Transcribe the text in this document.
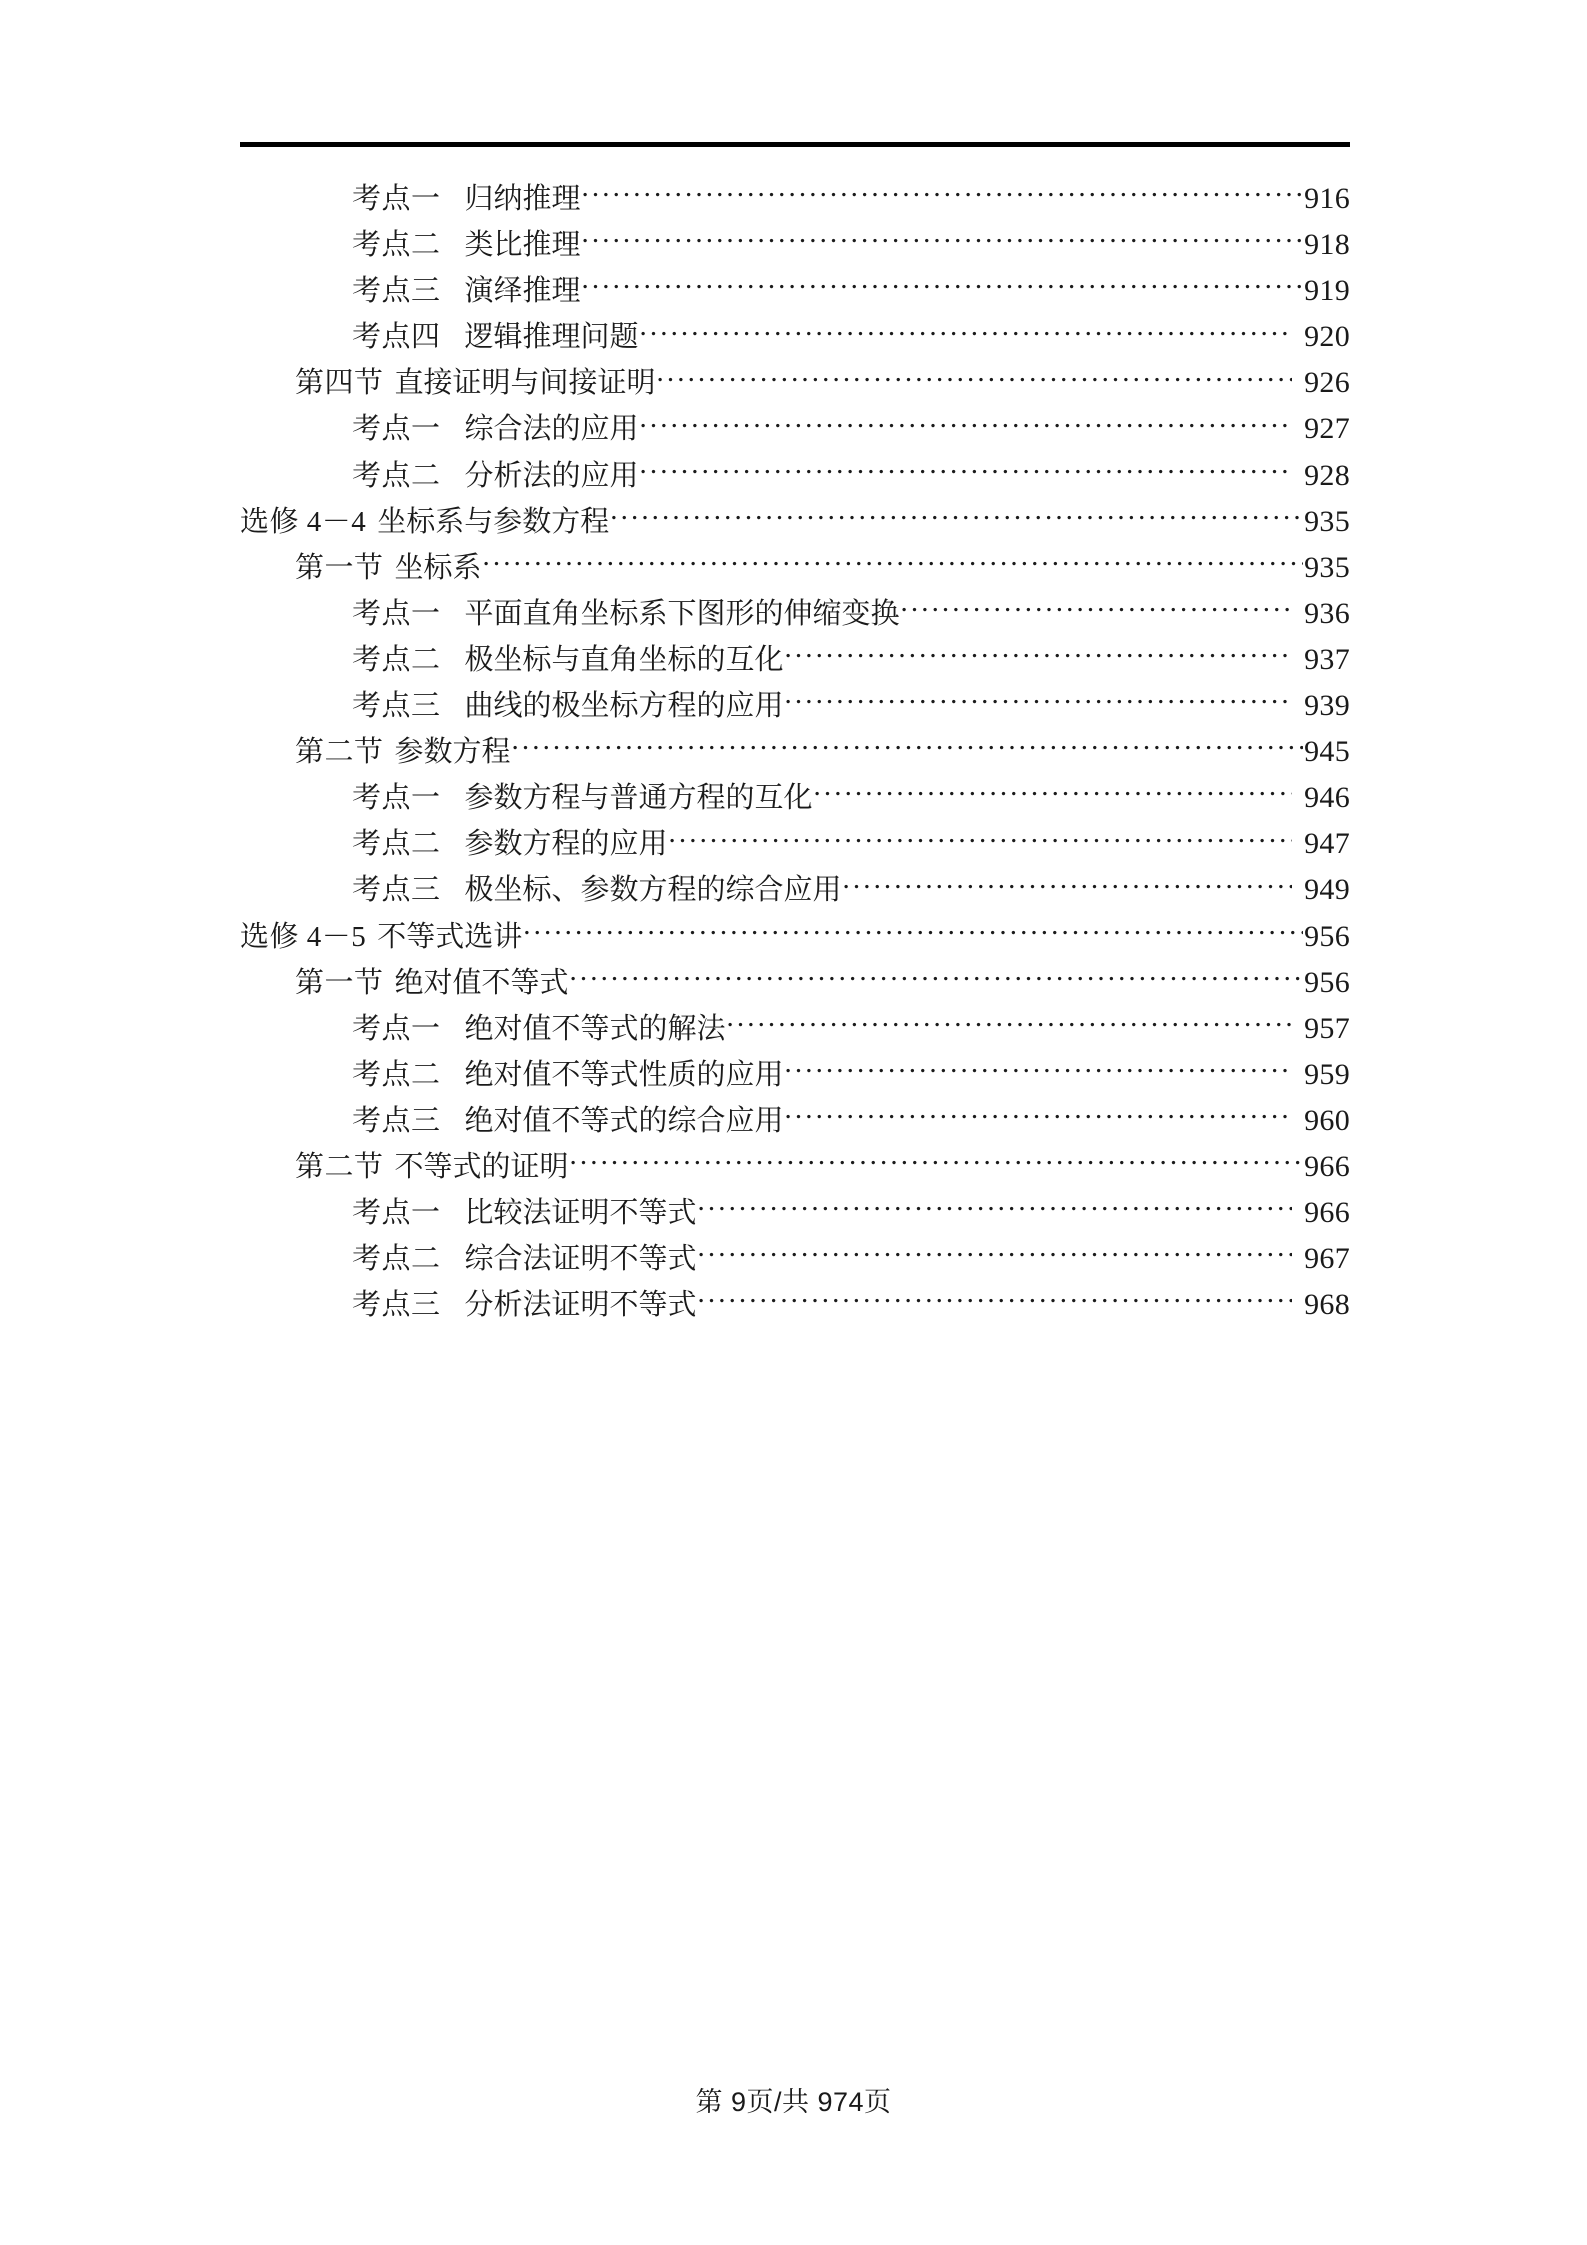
考点一 归纳推理 .....	916
考点二 类比推理 .....	918
考点三 演绎推理 .....	919
考点四 逻辑推理问题 .....	920
第四节 直接证明与间接证明 .....	926
考点一 综合法的应用 .....	927
考点二 分析法的应用 .....	928
选修 4－4 坐标系与参数方程 .....	935
第一节 坐标系 .....	935
考点一 平面直角坐标系下图形的伸缩变换 .....	936
考点二 极坐标与直角坐标的互化 .....	937
考点三 曲线的极坐标方程的应用 .....	939
第二节 参数方程 .....	945
考点一 参数方程与普通方程的互化 .....	946
考点二 参数方程的应用 .....	947
考点三 极坐标、参数方程的综合应用 .....	949
选修 4－5 不等式选讲 .....	956
第一节 绝对值不等式 .....	956
考点一 绝对值不等式的解法 .....	957
考点二 绝对值不等式性质的应用 .....	959
考点三 绝对值不等式的综合应用 .....	960
第二节 不等式的证明 .....	966
考点一 比较法证明不等式 .....	966
考点二 综合法证明不等式 .....	967
考点三 分析法证明不等式 .....	968
第 9页/共 974页
